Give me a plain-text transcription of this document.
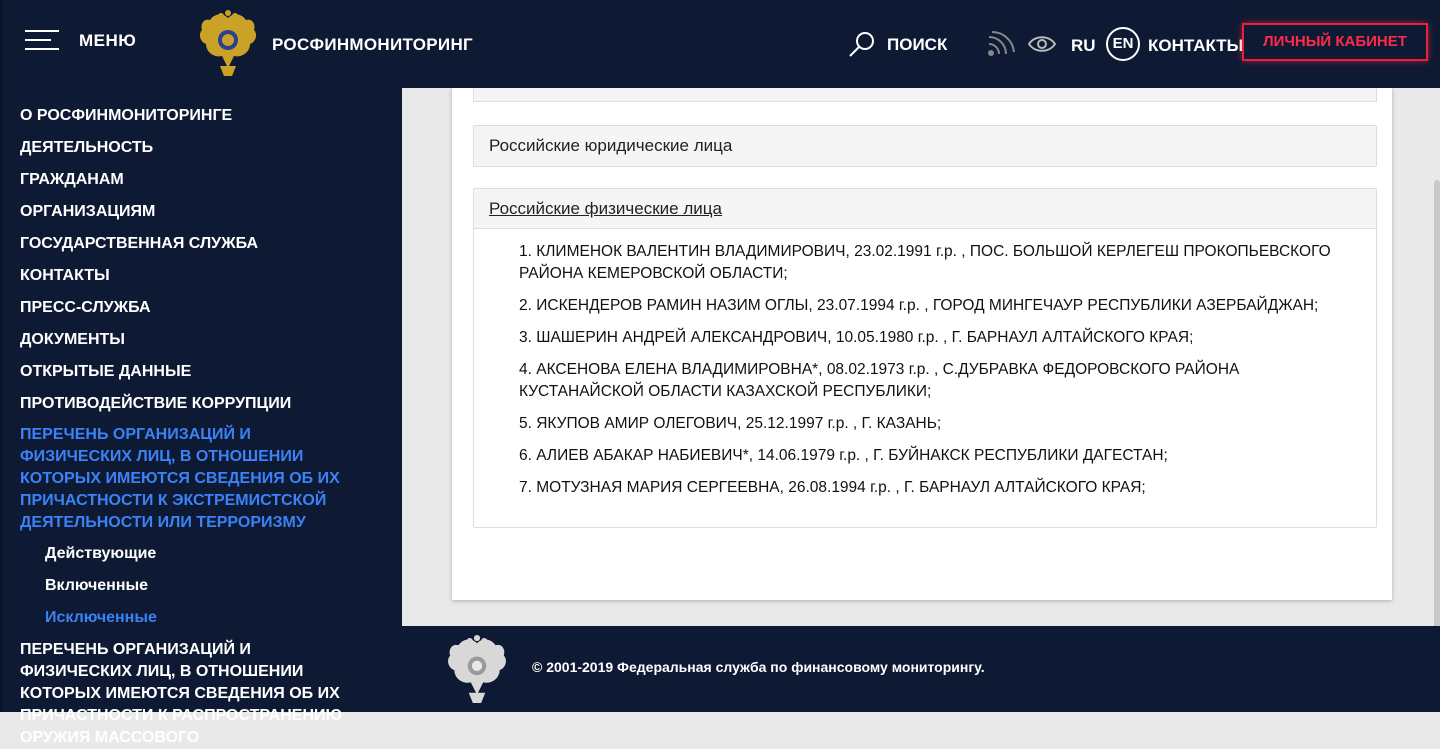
МЕНЮ	РОСФИНМОНИТОРИНГ	ПОИСК	RU	EN КОНТАКТЫ	ЛИЧНЫЙ КАБИНЕТ
О РОСФИНМОНИТОРИНГЕ
ДЕЯТЕЛЬНОСТЬ
ГРАЖДАНАМ
ОРГАНИЗАЦИЯМ
ГОСУДАРСТВЕННАЯ СЛУЖБА
КОНТАКТЫ
ПРЕСС-СЛУЖБА
ДОКУМЕНТЫ
ОТКРЫТЫЕ ДАННЫЕ
ПРОТИВОДЕЙСТВИЕ КОРРУПЦИИ
ПЕРЕЧЕНЬ ОРГАНИЗАЦИЙ И ФИЗИЧЕСКИХ ЛИЦ, В ОТНОШЕНИИ КОТОРЫХ ИМЕЮТСЯ СВЕДЕНИЯ ОБ ИХ ПРИЧАСТНОСТИ К ЭКСТРЕМИСТСКОЙ ДЕЯТЕЛЬНОСТИ ИЛИ ТЕРРОРИЗМУ
Действующие
Включенные
Исключенные
ПЕРЕЧЕНЬ ОРГАНИЗАЦИЙ И ФИЗИЧЕСКИХ ЛИЦ, В ОТНОШЕНИИ КОТОРЫХ ИМЕЮТСЯ СВЕДЕНИЯ ОБ ИХ ПРИЧАСТНОСТИ К РАСПРОСТРАНЕНИЮ ОРУЖИЯ МАССОВОГО
Российские юридические лица
Российские физические лица
1. КЛИМЕНОК ВАЛЕНТИН ВЛАДИМИРОВИЧ, 23.02.1991 г.р. , ПОС. БОЛЬШОЙ КЕРЛЕГЕШ ПРОКОПЬЕВСКОГО РАЙОНА КЕМЕРОВСКОЙ ОБЛАСТИ;
2. ИСКЕНДЕРОВ РАМИН НАЗИМ ОГЛЫ, 23.07.1994 г.р. , ГОРОД МИНГЕЧАУР РЕСПУБЛИКИ АЗЕРБАЙДЖАН;
3. ШАШЕРИН АНДРЕЙ АЛЕКСАНДРОВИЧ, 10.05.1980 г.р. , Г. БАРНАУЛ АЛТАЙСКОГО КРАЯ;
4. АКСЕНОВА ЕЛЕНА ВЛАДИМИРОВНА*, 08.02.1973 г.р. , С.ДУБРАВКА ФЕДОРОВСКОГО РАЙОНА КУСТАНАЙСКОЙ ОБЛАСТИ КАЗАХСКОЙ РЕСПУБЛИКИ;
5. ЯКУПОВ АМИР ОЛЕГОВИЧ, 25.12.1997 г.р. , Г. КАЗАНЬ;
6. АЛИЕВ АБАКАР НАБИЕВИЧ*, 14.06.1979 г.р. , Г. БУЙНАКСК РЕСПУБЛИКИ ДАГЕСТАН;
7. МОТУЗНАЯ МАРИЯ СЕРГЕЕВНА, 26.08.1994 г.р. , Г. БАРНАУЛ АЛТАЙСКОГО КРАЯ;
© 2001-2019 Федеральная служба по финансовому мониторингу.
